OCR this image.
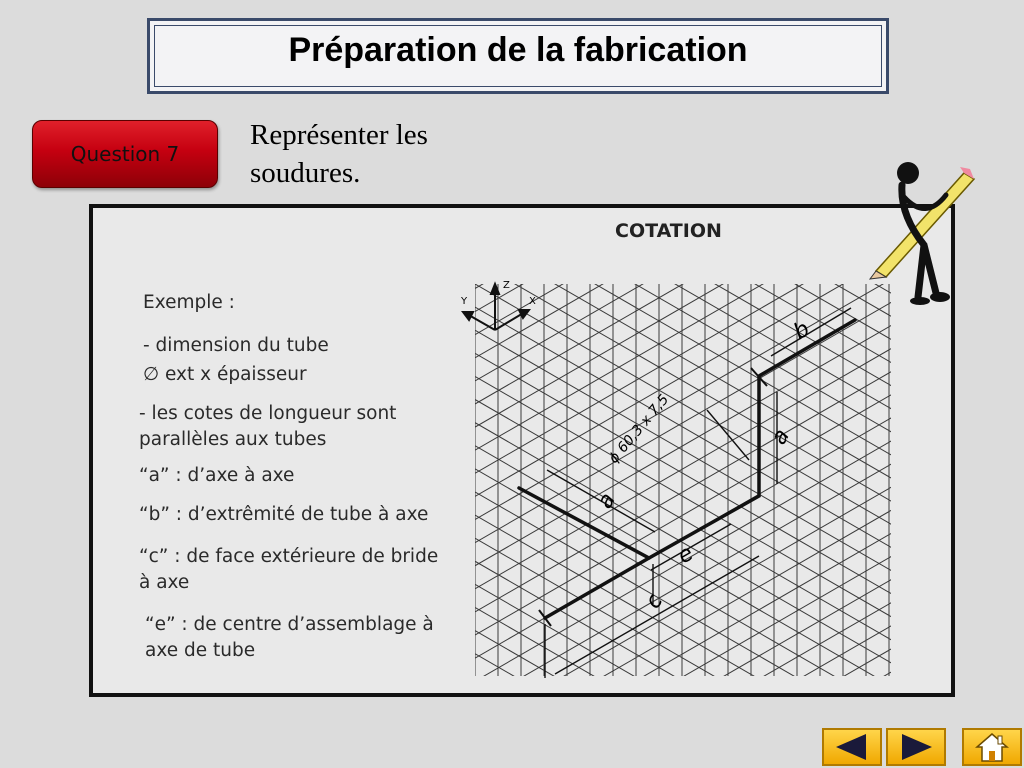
Préparation de la fabrication
Question 7
Représenter les
soudures.
COTATION
Exemple :
- dimension du tube
∅ ext x épaisseur
- les cotes de longueur sont
parallèles aux tubes
“a” : d’axe à axe
“b” : d’extrêmité de tube à axe
“c” : de face extérieure de bride
à axe
“e” : de centre d’assemblage à
axe de tube
Z
Y	X
b
a
a
e
c
ϕ 60,3 x 7,5
